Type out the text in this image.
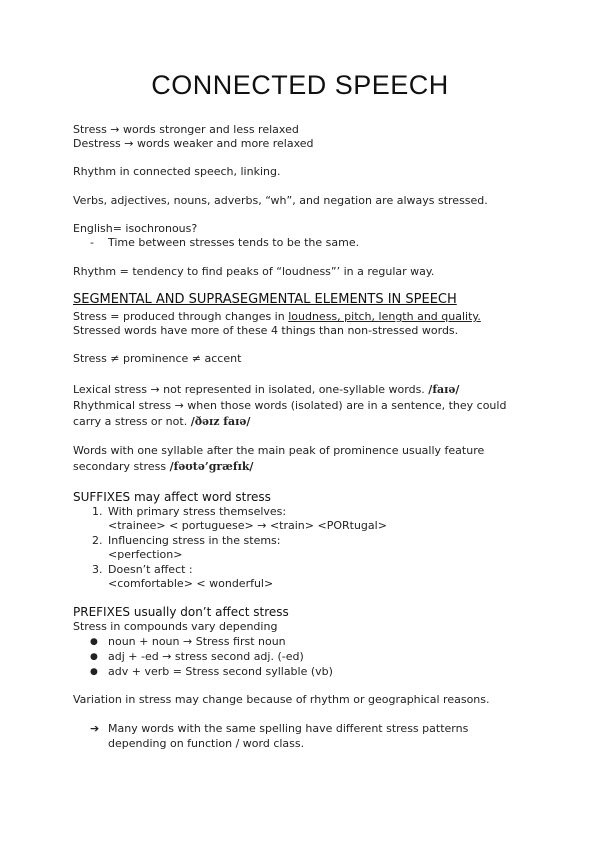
CONNECTED SPEECH
Stress → words stronger and less relaxed
Destress → words weaker and more relaxed
Rhythm in connected speech, linking.
Verbs, adjectives, nouns, adverbs, “wh”, and negation are always stressed.
English= isochronous?
- Time between stresses tends to be the same.
Rhythm = tendency to find peaks of “loudness”’ in a regular way.
SEGMENTAL AND SUPRASEGMENTAL ELEMENTS IN SPEECH
Stress = produced through changes in loudness, pitch, length and quality.
Stressed words have more of these 4 things than non-stressed words.
Stress ≠ prominence ≠ accent
Lexical stress → not represented in isolated, one-syllable words. /faɪə/
Rhythmical stress → when those words (isolated) are in a sentence, they could
carry a stress or not. /ðəɪz faɪə/
Words with one syllable after the main peak of prominence usually feature
secondary stress /fəʊtə’græfɪk/
SUFFIXES may affect word stress
1. With primary stress themselves:
<trainee> < portuguese> → <train> <PORtugal>
2. Influencing stress in the stems:
<perfection>
3. Doesn’t affect :
<comfortable> < wonderful>
PREFIXES usually don’t affect stress
Stress in compounds vary depending
● noun + noun → Stress first noun
● adj + -ed → stress second adj. (-ed)
● adv + verb = Stress second syllable (vb)
Variation in stress may change because of rhythm or geographical reasons.
➔ Many words with the same spelling have different stress patterns
depending on function / word class.
